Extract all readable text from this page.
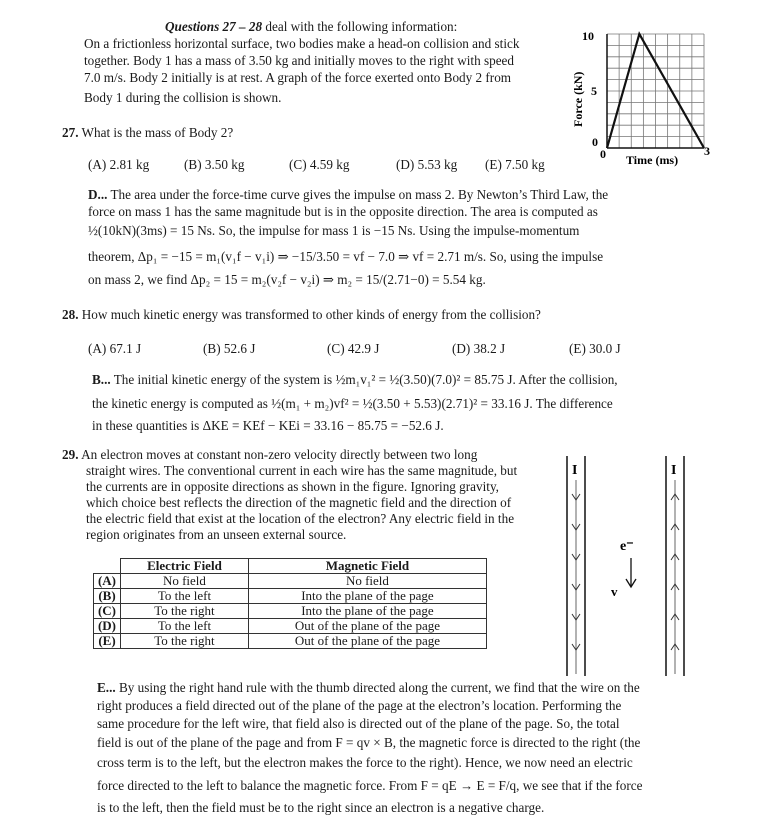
Questions 27 – 28 deal with the following information:
On a frictionless horizontal surface, two bodies make a head-on collision and stick
together. Body 1 has a mass of 3.50 kg and initially moves to the right with speed
7.0 m/s. Body 2 initially is at rest. A graph of the force exerted onto Body 2 from
Body 1 during the collision is shown.
10
5
0
0	3
Time (ms)
Force (kN)
27. What is the mass of Body 2?
(A) 2.81 kg	(B) 3.50 kg	(C) 4.59 kg	(D) 5.53 kg (E) 7.50 kg
D... The area under the force-time curve gives the impulse on mass 2. By Newton’s Third Law, the
force on mass 1 has the same magnitude but is in the opposite direction. The area is computed as
½(10kN)(3ms) = 15 Ns. So, the impulse for mass 1 is −15 Ns. Using the impulse-momentum
theorem, Δp₁ = −15 = m₁(v₁f − v₁i) ⇒ −15/3.50 = vf − 7.0 ⇒ vf = 2.71 m/s. So, using the impulse
on mass 2, we find Δp₂ = 15 = m₂(v₂f − v₂i) ⇒ m₂ = 15/(2.71−0) = 5.54 kg.
28. How much kinetic energy was transformed to other kinds of energy from the collision?
(A) 67.1 J	(B) 52.6 J	(C) 42.9 J	(D) 38.2 J	(E) 30.0 J
B... The initial kinetic energy of the system is ½m₁v₁² = ½(3.50)(7.0)² = 85.75 J. After the collision,
the kinetic energy is computed as ½(m₁ + m₂)vf² = ½(3.50 + 5.53)(2.71)² = 33.16 J. The difference
in these quantities is ΔKE = KEf − KEi = 33.16 − 85.75 = −52.6 J.
29. An electron moves at constant non-zero velocity directly between two long
straight wires. The conventional current in each wire has the same magnitude, but
the currents are in opposite directions as shown in the figure. Ignoring gravity,
which choice best reflects the direction of the magnetic field and the direction of
the electric field that exist at the location of the electron? Any electric field in the
region originates from an unseen external source.
	Electric Field	Magnetic Field
(A)	No field	No field
(B)	To the left	Into the plane of the page
(C)	To the right	Into the plane of the page
(D)	To the left	Out of the plane of the page
(E)	To the right	Out of the plane of the page
I	I
e⁻
v
E... By using the right hand rule with the thumb directed along the current, we find that the wire on the
right produces a field directed out of the plane of the page at the electron’s location. Performing the
same procedure for the left wire, that field also is directed out of the plane of the page. So, the total
field is out of the plane of the page and from F = qv × B, the magnetic force is directed to the right (the
cross term is to the left, but the electron makes the force to the right). Hence, we now need an electric
force directed to the left to balance the magnetic force. From F = qE → E = F/q, we see that if the force
is to the left, then the field must be to the right since an electron is a negative charge.
